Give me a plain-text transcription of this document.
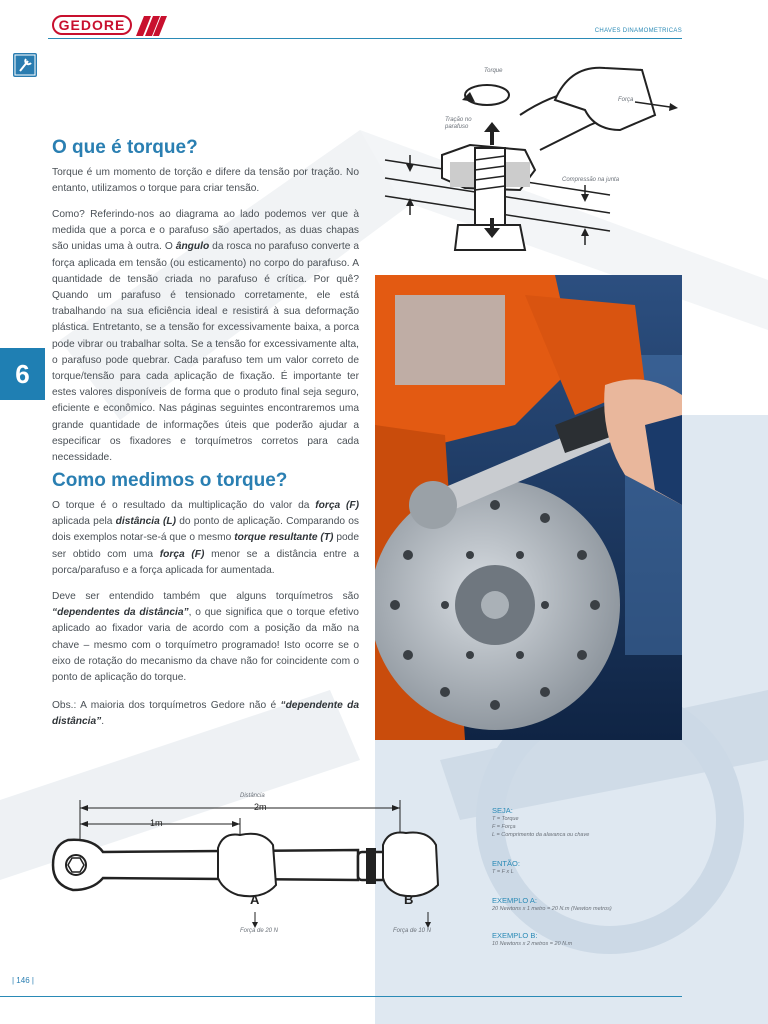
GEDORE	CHAVES DINAMOMETRICAS
6
Torque
Força
Tração no parafuso
Compressão na junta
O que é torque?

Torque é um momento de torção e difere da tensão por tração. No entanto, utilizamos o torque para criar tensão.

Como? Referindo-nos ao diagrama ao lado podemos ver que à medida que a porca e o parafuso são apertados, as duas chapas são unidas uma à outra. O ângulo da rosca no parafuso converte a força aplicada em tensão (ou esticamento) no corpo do parafuso. A quantidade de tensão criada no parafuso é crítica. Por quê? Quando um parafuso é tensionado corretamente, ele está trabalhando na sua eficiência ideal e resistirá à sua deformação plástica. Entretanto, se a tensão for excessivamente baixa, a porca pode vibrar ou trabalhar solta. Se a tensão for excessivamente alta, o parafuso pode quebrar. Cada parafuso tem um valor correto de torque/tensão para cada aplicação de fixação. É importante ter estes valores disponíveis de forma que o produto final seja seguro, eficiente e econômico. Nas páginas seguintes encontraremos uma grande quantidade de informações úteis que poderão ajudar a especificar os fixadores e torquímetros corretos para cada necessidade.

Como medimos o torque?

O torque é o resultado da multiplicação do valor da força (F) aplicada pela distância (L) do ponto de aplicação. Comparando os dois exemplos notar-se-á que o mesmo torque resultante (T) pode ser obtido com uma força (F) menor se a distância entre a porca/parafuso e a força aplicada for aumentada.

Deve ser entendido também que alguns torquímetros são “dependentes da distância”, o que significa que o torque efetivo aplicado ao fixador varia de acordo com a posição da mão na chave – mesmo com o torquímetro programado! Isto ocorre se o eixo de rotação do mecanismo da chave não for coincidente com o ponto de aplicação do torque.

Obs.: A maioria dos torquímetros Gedore não é “dependente da distância”.

Distância
2m
1m
A	B
Força de 20 N	Força de 10 N

SEJA:

T = Torque

F = Força

L = Comprimento da alavanca ou chave

ENTÃO:

T = F x L

EXEMPLO A:

20 Newtons x 1 metro = 20 N.m (Newton metros)

EXEMPLO B:

10 Newtons x 2 metros = 20 N.m

| 146 |
